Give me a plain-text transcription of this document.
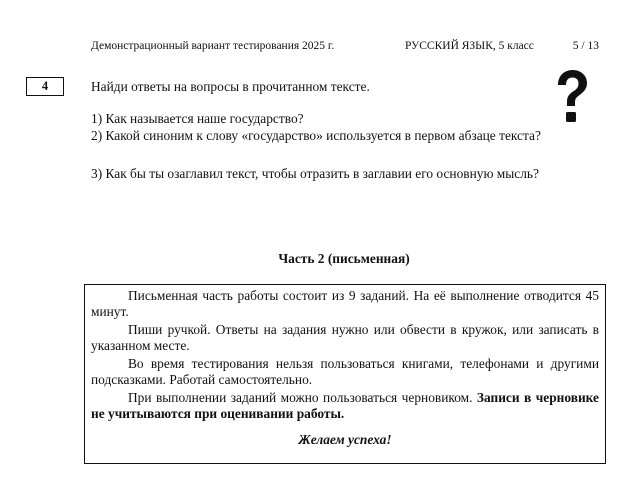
Демонстрационный вариант тестирования 2025 г.	РУССКИЙ ЯЗЫК, 5 класс	5 / 13
4	Найди ответы на вопросы в прочитанном тексте.
1) Как называется наше государство?
2) Какой синоним к слову «государство» используется в первом абзаце текста?
3) Как бы ты озаглавил текст, чтобы отразить в заглавии его основную мысль?
Часть 2 (письменная)

Письменная часть работы состоит из 9 заданий. На её выполнение отводится 45 минут.

Пиши ручкой. Ответы на задания нужно или обвести в кружок, или записать в указанном месте.

Во время тестирования нельзя пользоваться книгами, телефонами и другими подсказками. Работай самостоятельно.

При выполнении заданий можно пользоваться черновиком. Записи в черновике не учитываются при оценивании работы.

Желаем успеха!
